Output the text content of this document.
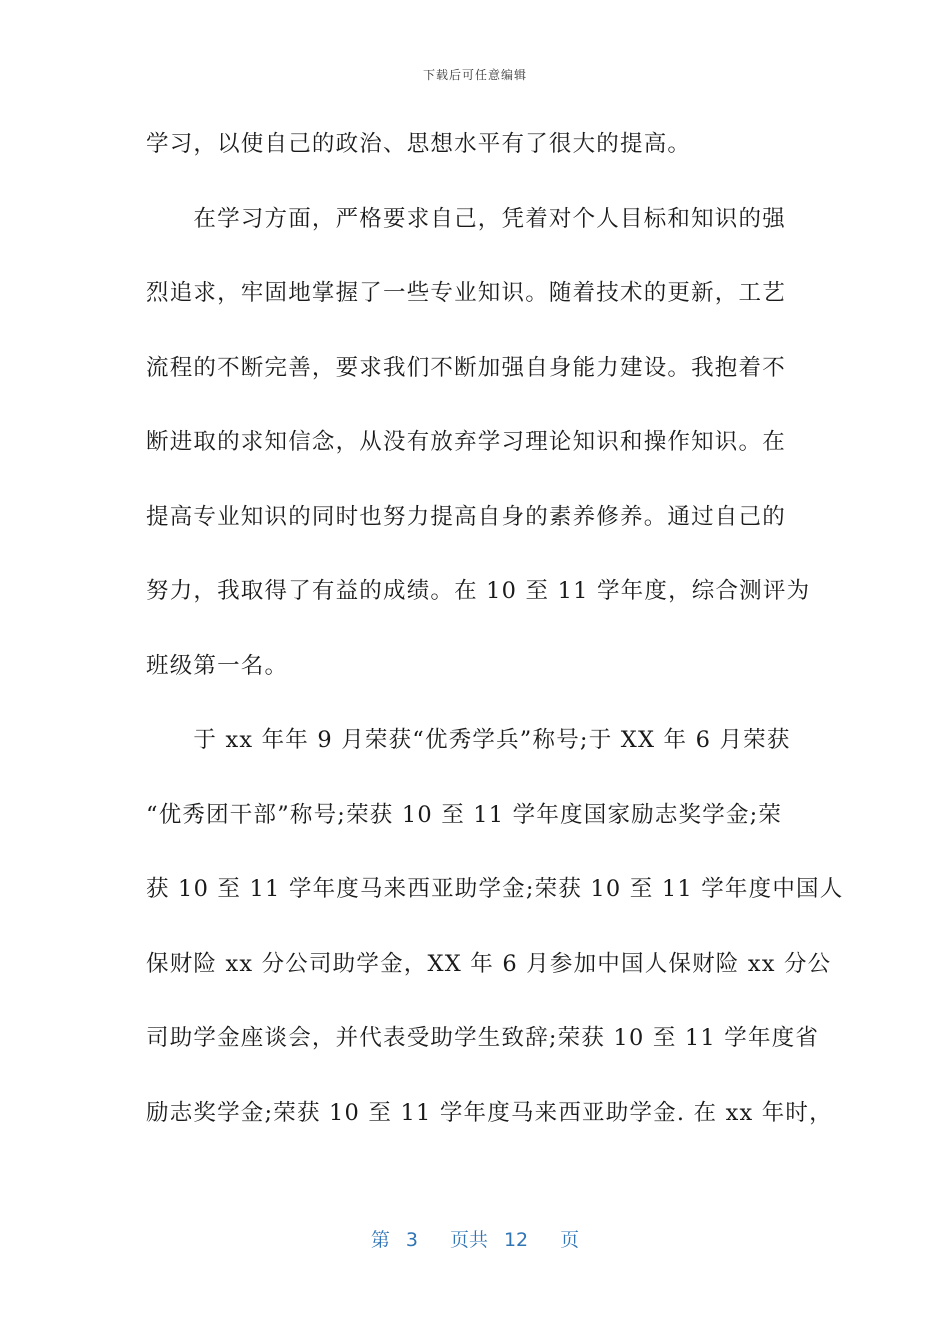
下载后可任意编辑
学习，以使自己的政治、思想水平有了很大的提高。
　　在学习方面，严格要求自己，凭着对个人目标和知识的强
烈追求，牢固地掌握了一些专业知识。随着技术的更新，工艺
流程的不断完善，要求我们不断加强自身能力建设。我抱着不
断进取的求知信念，从没有放弃学习理论知识和操作知识。在
提高专业知识的同时也努力提高自身的素养修养。通过自己的
努力，我取得了有益的成绩。在 10 至 11 学年度，综合测评为
班级第一名。
　　于 xx 年年 9 月荣获“优秀学兵”称号;于 XX 年 6 月荣获
“优秀团干部”称号;荣获 10 至 11 学年度国家励志奖学金;荣
获 10 至 11 学年度马来西亚助学金;荣获 10 至 11 学年度中国人
保财险 xx 分公司助学金，XX 年 6 月参加中国人保财险 xx 分公
司助学金座谈会，并代表受助学生致辞;荣获 10 至 11 学年度省
励志奖学金;荣获 10 至 11 学年度马来西亚助学金. 在 xx 年时，
第 3 页共 12 页
